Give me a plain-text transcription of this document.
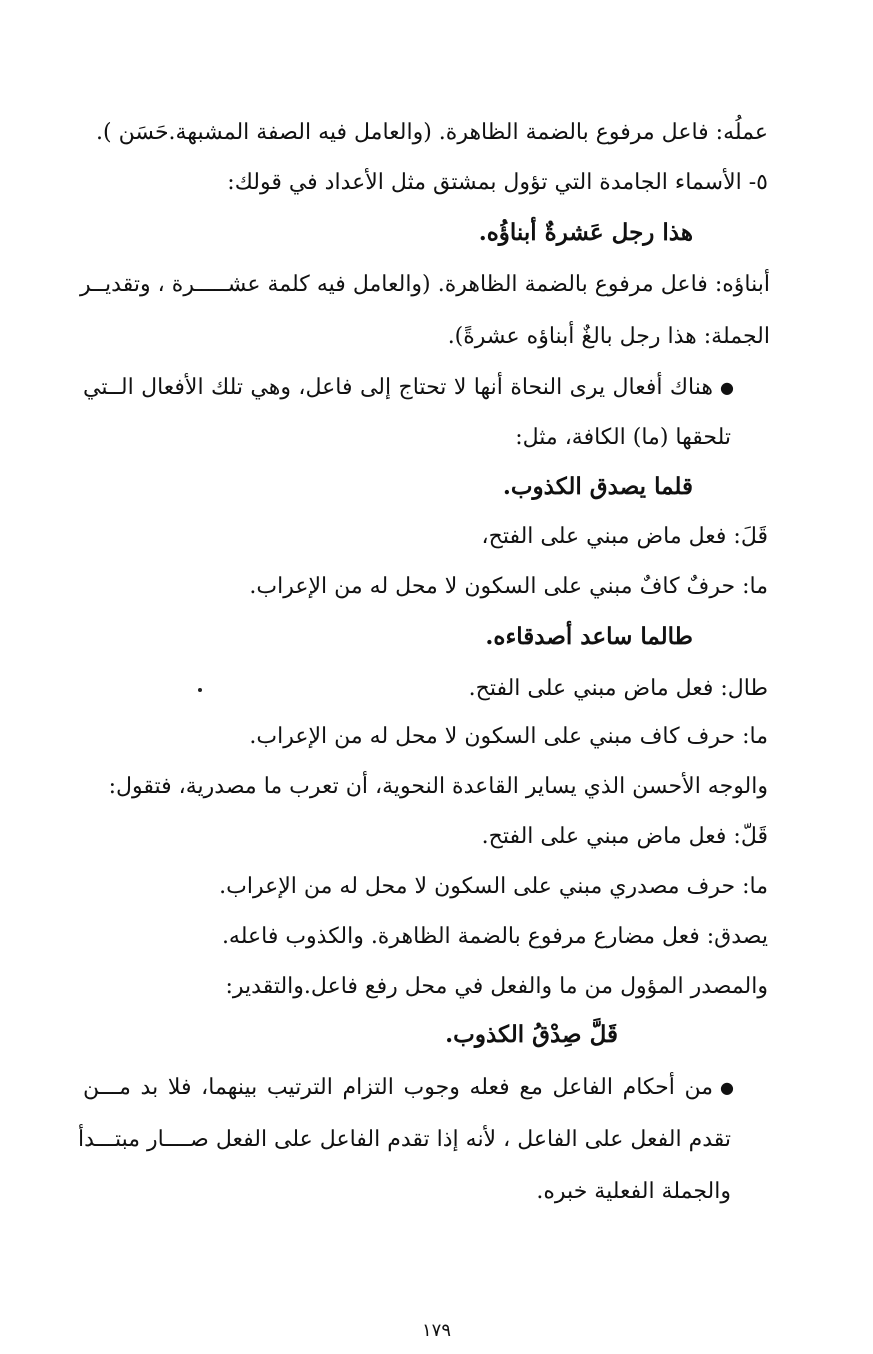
عملُه: فاعل مرفوع بالضمة الظاهرة. (والعامل فيه الصفة المشبهة.حَسَن ).
٥- الأسماء الجامدة التي تؤول بمشتق مثل الأعداد في قولك:
هذا رجل عَشرةٌ أبناؤُه.
أبناؤه: فاعل مرفوع بالضمة الظاهرة. (والعامل فيه كلمة عشـــــرة ، وتقديــر
الجملة: هذا رجل بالغٌ أبناؤه عشرةً).
●
هناك أفعال يرى النحاة أنها لا تحتاج إلى فاعل، وهي تلك الأفعال الــتي
تلحقها (ما) الكافة، مثل:
قلما يصدق الكذوب.
قَلَ: فعل ماض مبني على الفتح،
ما: حرفٌ كافٌ مبني على السكون لا محل له من الإعراب.
طالما ساعد أصدقاءه.
طال: فعل ماض مبني على الفتح.
ما: حرف كاف مبني على السكون لا محل له من الإعراب.
والوجه الأحسن الذي يساير القاعدة النحوية، أن تعرب ما مصدرية، فتقول:
قَلّ: فعل ماض مبني على الفتح.
ما: حرف مصدري مبني على السكون لا محل له من الإعراب.
يصدق: فعل مضارع مرفوع بالضمة الظاهرة. والكذوب فاعله.
والمصدر المؤول من ما والفعل في محل رفع فاعل.والتقدير:
قَلَّ صِدْقُ الكذوب.
●
من أحكام الفاعل مع فعله وجوب التزام الترتيب بينهما، فلا بد مـــن
تقدم الفعل على الفاعل ، لأنه إذا تقدم الفاعل على الفعل صــــار مبتـــدأ
والجملة الفعلية خبره.
١٧٩
